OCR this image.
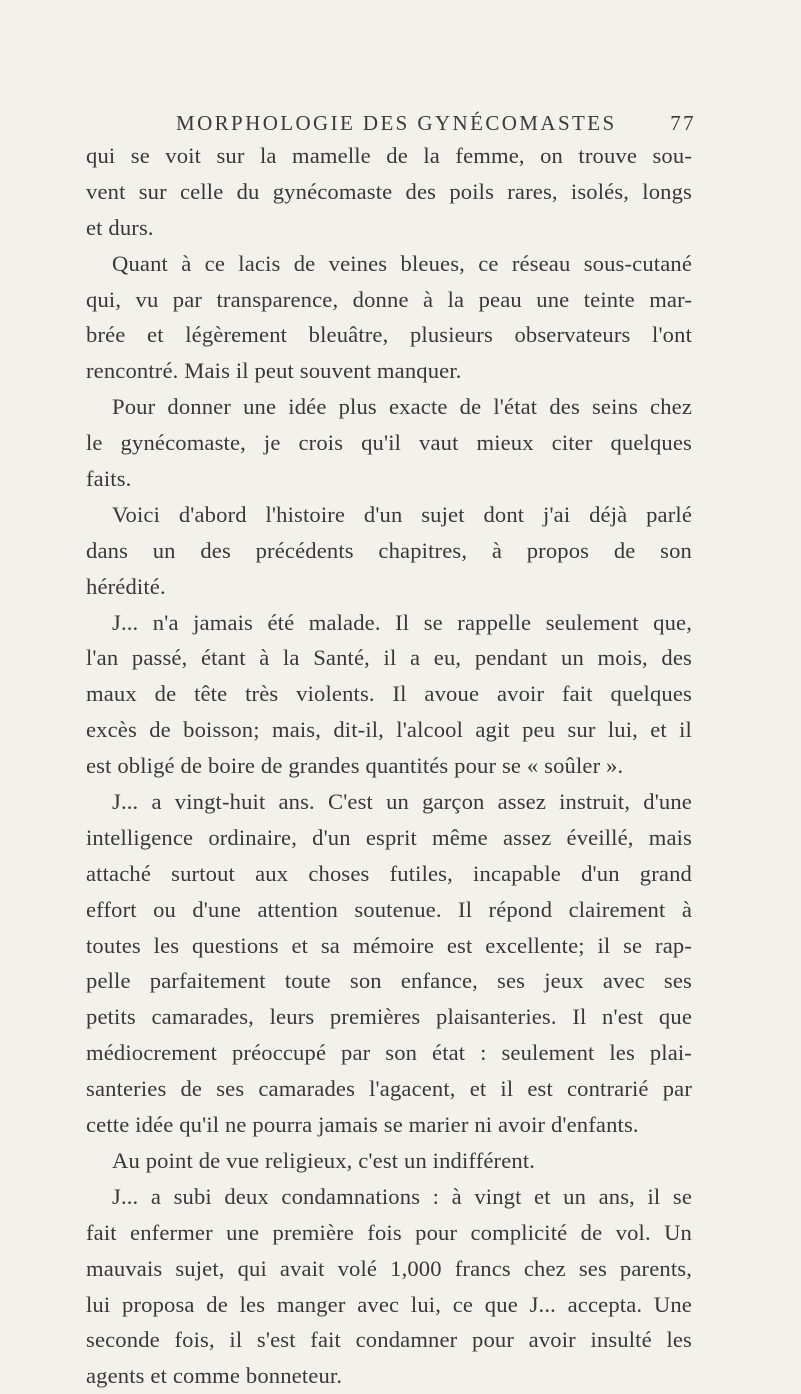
MORPHOLOGIE DES GYNÉCOMASTES	77
qui se voit sur la mamelle de la femme, on trouve sou-
vent sur celle du gynécomaste des poils rares, isolés, longs
et durs.
Quant à ce lacis de veines bleues, ce réseau sous-cutané
qui, vu par transparence, donne à la peau une teinte mar-
brée et légèrement bleuâtre, plusieurs observateurs l'ont
rencontré. Mais il peut souvent manquer.
Pour donner une idée plus exacte de l'état des seins chez
le gynécomaste, je crois qu'il vaut mieux citer quelques
faits.
Voici d'abord l'histoire d'un sujet dont j'ai déjà parlé
dans un des précédents chapitres, à propos de son
hérédité.
J... n'a jamais été malade. Il se rappelle seulement que,
l'an passé, étant à la Santé, il a eu, pendant un mois, des
maux de tête très violents. Il avoue avoir fait quelques
excès de boisson; mais, dit-il, l'alcool agit peu sur lui, et il
est obligé de boire de grandes quantités pour se « soûler ».
J... a vingt-huit ans. C'est un garçon assez instruit, d'une
intelligence ordinaire, d'un esprit même assez éveillé, mais
attaché surtout aux choses futiles, incapable d'un grand
effort ou d'une attention soutenue. Il répond clairement à
toutes les questions et sa mémoire est excellente; il se rap-
pelle parfaitement toute son enfance, ses jeux avec ses
petits camarades, leurs premières plaisanteries. Il n'est que
médiocrement préoccupé par son état : seulement les plai-
santeries de ses camarades l'agacent, et il est contrarié par
cette idée qu'il ne pourra jamais se marier ni avoir d'enfants.
Au point de vue religieux, c'est un indifférent.
J... a subi deux condamnations : à vingt et un ans, il se
fait enfermer une première fois pour complicité de vol. Un
mauvais sujet, qui avait volé 1,000 francs chez ses parents,
lui proposa de les manger avec lui, ce que J... accepta. Une
seconde fois, il s'est fait condamner pour avoir insulté les
agents et comme bonneteur.
